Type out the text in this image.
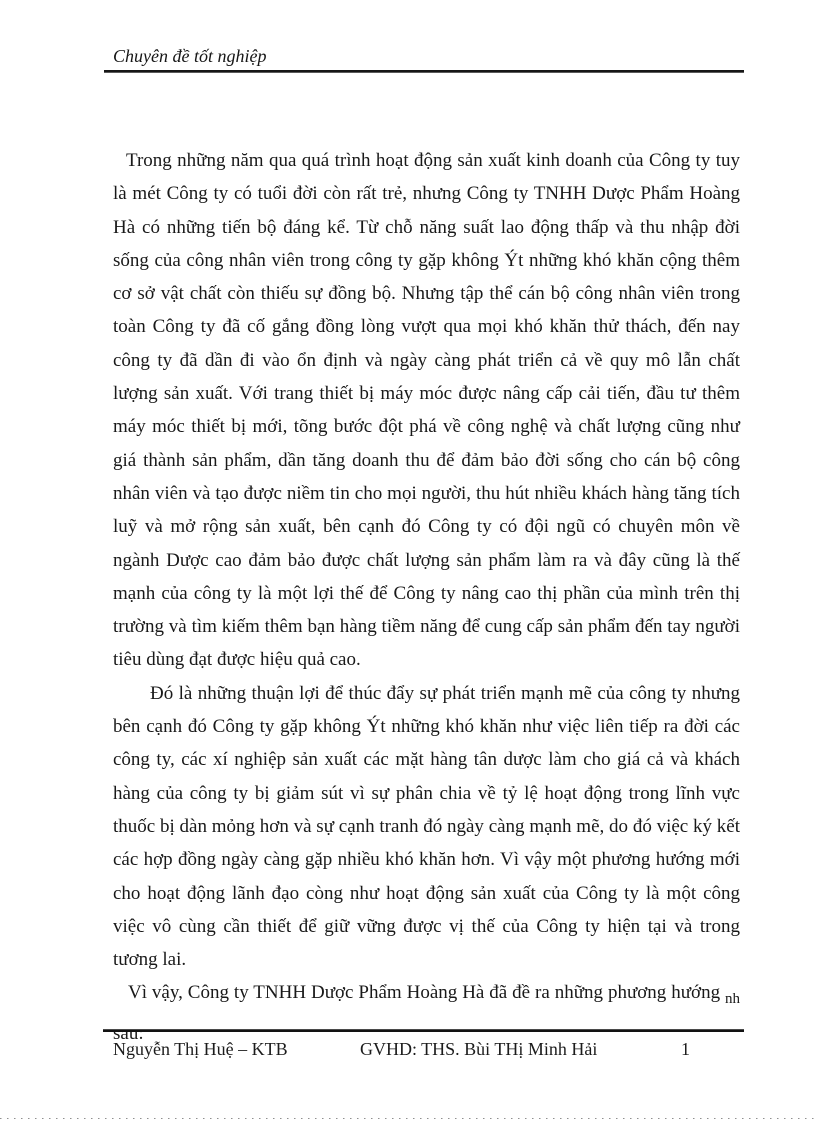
Chuyên đề tốt nghiệp

Trong những năm qua quá trình hoạt động sản xuất kinh doanh của Công ty tuy là mét Công ty có tuổi đời còn rất trẻ, nhưng Công ty TNHH Dược Phẩm Hoàng Hà có những tiến bộ đáng kể. Từ chỗ năng suất lao động thấp và thu nhập đời sống của công nhân viên trong công ty gặp không Ýt những khó khăn cộng thêm cơ sở vật chất còn thiếu sự đồng bộ. Nhưng tập thể cán bộ công nhân viên trong toàn Công ty đã cố gắng đồng lòng vượt qua mọi khó khăn thử thách, đến nay công ty đã dần đi vào ổn định và ngày càng phát triển cả về quy mô lẫn chất lượng sản xuất. Với trang thiết bị máy móc được nâng cấp cải tiến, đầu tư thêm máy móc thiết bị mới, tõng bước đột phá về công nghệ và chất lượng cũng như giá thành sản phẩm, dần tăng doanh thu để đảm bảo đời sống cho cán bộ công nhân viên và tạo được niềm tin cho mọi người, thu hút nhiều khách hàng tăng tích luỹ và mở rộng sản xuất, bên cạnh đó Công ty có đội ngũ có chuyên môn về ngành Dược cao đảm bảo được chất lượng sản phẩm làm ra và đây cũng là thế mạnh của công ty là một lợi thế để Công ty nâng cao thị phần của mình trên thị trường và tìm kiếm thêm bạn hàng tiềm năng để cung cấp sản phẩm đến tay người tiêu dùng đạt được hiệu quả cao.

Đó là những thuận lợi để thúc đẩy sự phát triển mạnh mẽ của công ty nhưng bên cạnh đó Công ty gặp không Ýt những khó khăn như việc liên tiếp ra đời các công ty, các xí nghiệp sản xuất các mặt hàng tân dược làm cho giá cả và khách hàng của công ty bị giảm sút vì sự phân chia về tỷ lệ hoạt động trong lĩnh vực thuốc bị dàn mỏng hơn và sự cạnh tranh đó ngày càng mạnh mẽ, do đó việc ký kết các hợp đồng ngày càng gặp nhiều khó khăn hơn. Vì vậy một phương hướng mới cho hoạt động lãnh đạo còng như hoạt động sản xuất của Công ty là một công việc vô cùng cần thiết để giữ vững được vị thế của Công ty hiện tại và trong tương lai.

Vì vậy, Công ty TNHH Dược Phẩm Hoàng Hà đã đề ra những phương hướng $_{nh}$ sau:

Nguyễn Thị Huệ – KTB	GVHD: THS. Bùi THị Minh Hải	1
